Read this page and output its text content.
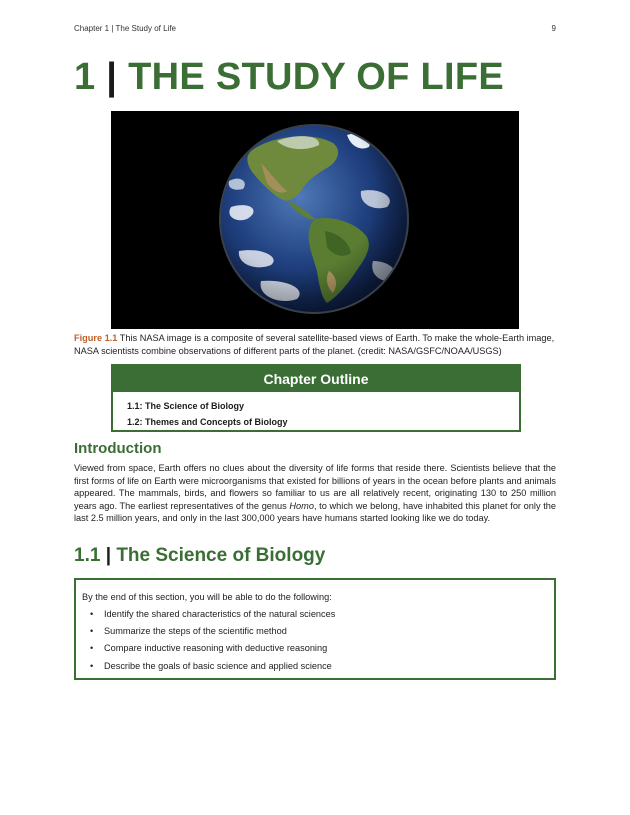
Chapter 1 | The Study of Life	9
1 | THE STUDY OF LIFE

Figure 1.1 This NASA image is a composite of several satellite-based views of Earth. To make the whole-Earth image, NASA scientists combine observations of different parts of the planet. (credit: NASA/GSFC/NOAA/USGS)

Chapter Outline
1.1: The Science of Biology
1.2: Themes and Concepts of Biology
Introduction

Viewed from space, Earth offers no clues about the diversity of life forms that reside there. Scientists believe that the first forms of life on Earth were microorganisms that existed for billions of years in the ocean before plants and animals appeared. The mammals, birds, and flowers so familiar to us are all relatively recent, originating 130 to 250 million years ago. The earliest representatives of the genus Homo, to which we belong, have inhabited this planet for only the last 2.5 million years, and only in the last 300,000 years have humans started looking like we do today.

1.1 | The Science of Biology

By the end of this section, you will be able to do the following:

• Identify the shared characteristics of the natural sciences
• Summarize the steps of the scientific method
• Compare inductive reasoning with deductive reasoning
• Describe the goals of basic science and applied science
